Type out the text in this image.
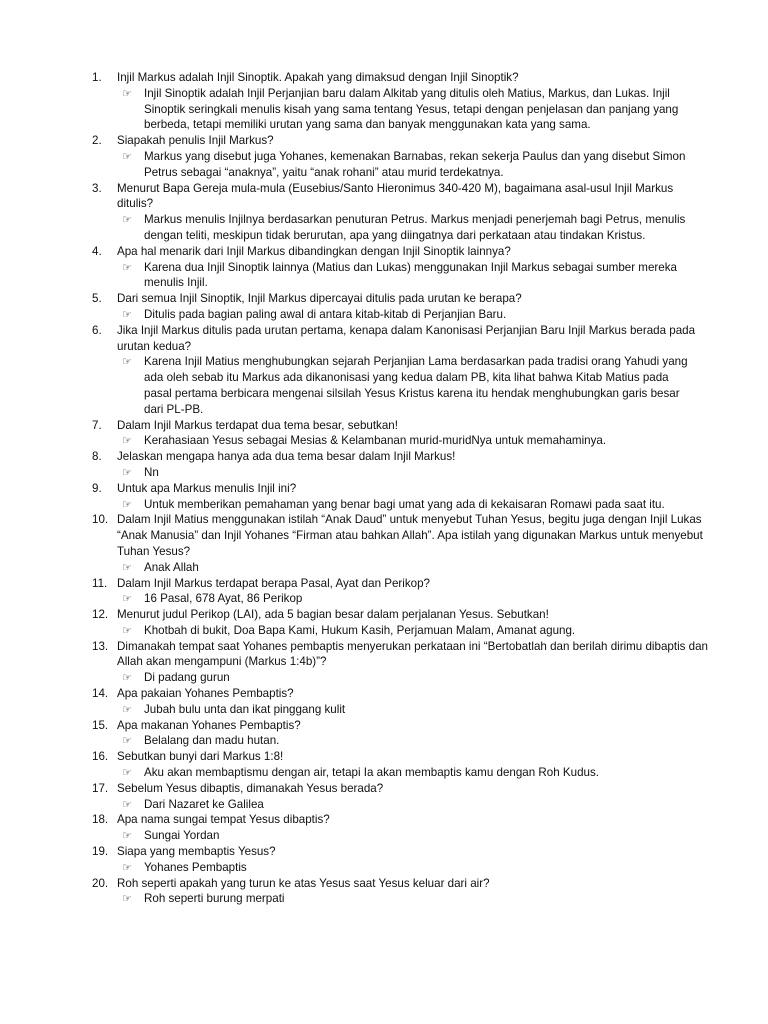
1.	Injil Markus adalah Injil Sinoptik. Apakah yang dimaksud dengan Injil Sinoptik?
☞ Injil Sinoptik adalah Injil Perjanjian baru dalam Alkitab yang ditulis oleh Matius, Markus, dan Lukas. Injil Sinoptik seringkali menulis kisah yang sama tentang Yesus, tetapi dengan penjelasan dan panjang yang berbeda, tetapi memiliki urutan yang sama dan banyak menggunakan kata yang sama.
2.	Siapakah penulis Injil Markus?
☞ Markus yang disebut juga Yohanes, kemenakan Barnabas, rekan sekerja Paulus dan yang disebut Simon Petrus sebagai “anaknya”, yaitu “anak rohani” atau murid terdekatnya.
3.	Menurut Bapa Gereja mula-mula (Eusebius/Santo Hieronimus 340-420 M), bagaimana asal-usul Injil Markus ditulis?
☞ Markus menulis Injilnya berdasarkan penuturan Petrus. Markus menjadi penerjemah bagi Petrus, menulis dengan teliti, meskipun tidak berurutan, apa yang diingatnya dari perkataan atau tindakan Kristus.
4.	Apa hal menarik dari Injil Markus dibandingkan dengan Injil Sinoptik lainnya?
☞ Karena dua Injil Sinoptik lainnya (Matius dan Lukas) menggunakan Injil Markus sebagai sumber mereka menulis Injil.
5.	Dari semua Injil Sinoptik, Injil Markus dipercayai ditulis pada urutan ke berapa?
☞ Ditulis pada bagian paling awal di antara kitab-kitab di Perjanjian Baru.
6.	Jika Injil Markus ditulis pada urutan pertama, kenapa dalam Kanonisasi Perjanjian Baru Injil Markus berada pada urutan kedua?
☞ Karena Injil Matius menghubungkan sejarah Perjanjian Lama berdasarkan pada tradisi orang Yahudi yang ada oleh sebab itu Markus ada dikanonisasi yang kedua dalam PB, kita lihat bahwa Kitab Matius pada pasal pertama berbicara mengenai silsilah Yesus Kristus karena itu hendak menghubungkan garis besar dari PL-PB.
7.	Dalam Injil Markus terdapat dua tema besar, sebutkan!
☞ Kerahasiaan Yesus sebagai Mesias & Kelambanan murid-muridNya untuk memahaminya.
8.	Jelaskan mengapa hanya ada dua tema besar dalam Injil Markus!
☞ Nn
9.	Untuk apa Markus menulis Injil ini?
☞ Untuk memberikan pemahaman yang benar bagi umat yang ada di kekaisaran Romawi pada saat itu.
10. Dalam Injil Matius menggunakan istilah “Anak Daud” untuk menyebut Tuhan Yesus, begitu juga dengan Injil Lukas “Anak Manusia” dan Injil Yohanes “Firman atau bahkan Allah”. Apa istilah yang digunakan Markus untuk menyebut Tuhan Yesus?
☞ Anak Allah
11. Dalam Injil Markus terdapat berapa Pasal, Ayat dan Perikop?
☞ 16 Pasal, 678 Ayat, 86 Perikop
12. Menurut judul Perikop (LAI), ada 5 bagian besar dalam perjalanan Yesus. Sebutkan!
☞ Khotbah di bukit, Doa Bapa Kami, Hukum Kasih, Perjamuan Malam, Amanat agung.
13. Dimanakah tempat saat Yohanes pembaptis menyerukan perkataan ini “Bertobatlah dan berilah dirimu dibaptis dan Allah akan mengampuni (Markus 1:4b)”?
☞ Di padang gurun
14. Apa pakaian Yohanes Pembaptis?
☞ Jubah bulu unta dan ikat pinggang kulit
15. Apa makanan Yohanes Pembaptis?
☞ Belalang dan madu hutan.
16. Sebutkan bunyi dari Markus 1:8!
☞ Aku akan membaptismu dengan air, tetapi Ia akan membaptis kamu dengan Roh Kudus.
17. Sebelum Yesus dibaptis, dimanakah Yesus berada?
☞ Dari Nazaret ke Galilea
18. Apa nama sungai tempat Yesus dibaptis?
☞ Sungai Yordan
19. Siapa yang membaptis Yesus?
☞ Yohanes Pembaptis
20. Roh seperti apakah yang turun ke atas Yesus saat Yesus keluar dari air?
☞ Roh seperti burung merpati
